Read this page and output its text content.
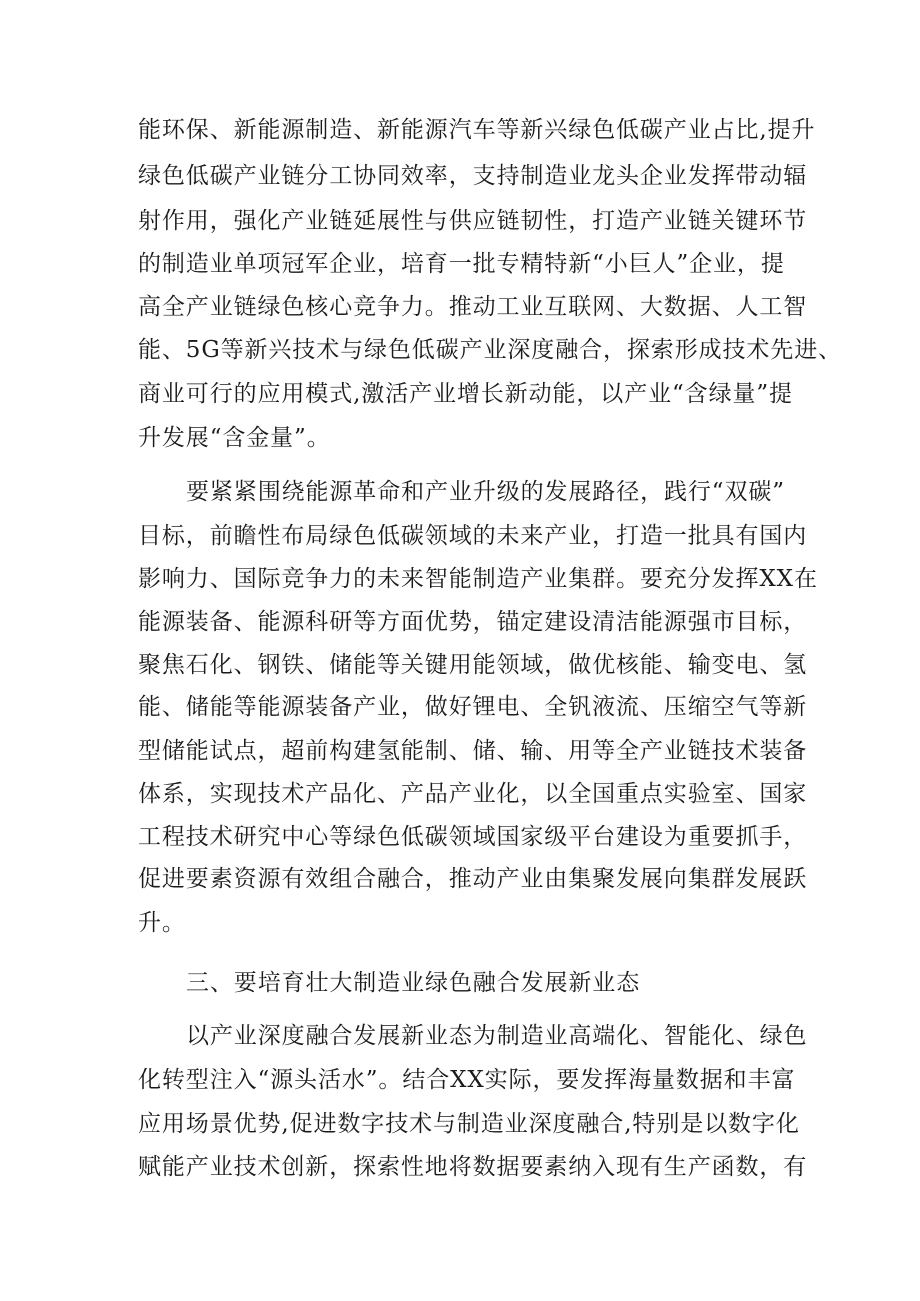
能环保、新能源制造、新能源汽车等新兴绿色低碳产业占比,提升
绿色低碳产业链分工协同效率，支持制造业龙头企业发挥带动辐
射作用，强化产业链延展性与供应链韧性，打造产业链关键环节
的制造业单项冠军企业，培育一批专精特新“小巨人”企业，提
高全产业链绿色核心竞争力。推动工业互联网、大数据、人工智
能、5G等新兴技术与绿色低碳产业深度融合，探索形成技术先进、
商业可行的应用模式,激活产业增长新动能，以产业“含绿量”提
升发展“含金量”。
要紧紧围绕能源革命和产业升级的发展路径，践行“双碳”
目标，前瞻性布局绿色低碳领域的未来产业，打造一批具有国内
影响力、国际竞争力的未来智能制造产业集群。要充分发挥XX在
能源装备、能源科研等方面优势，锚定建设清洁能源强市目标，
聚焦石化、钢铁、储能等关键用能领域，做优核能、输变电、氢
能、储能等能源装备产业，做好锂电、全钒液流、压缩空气等新
型储能试点，超前构建氢能制、储、输、用等全产业链技术装备
体系，实现技术产品化、产品产业化，以全国重点实验室、国家
工程技术研究中心等绿色低碳领域国家级平台建设为重要抓手，
促进要素资源有效组合融合，推动产业由集聚发展向集群发展跃
升。
三、要培育壮大制造业绿色融合发展新业态
以产业深度融合发展新业态为制造业高端化、智能化、绿色
化转型注入“源头活水”。结合XX实际，要发挥海量数据和丰富
应用场景优势,促进数字技术与制造业深度融合,特别是以数字化
赋能产业技术创新，探索性地将数据要素纳入现有生产函数，有
